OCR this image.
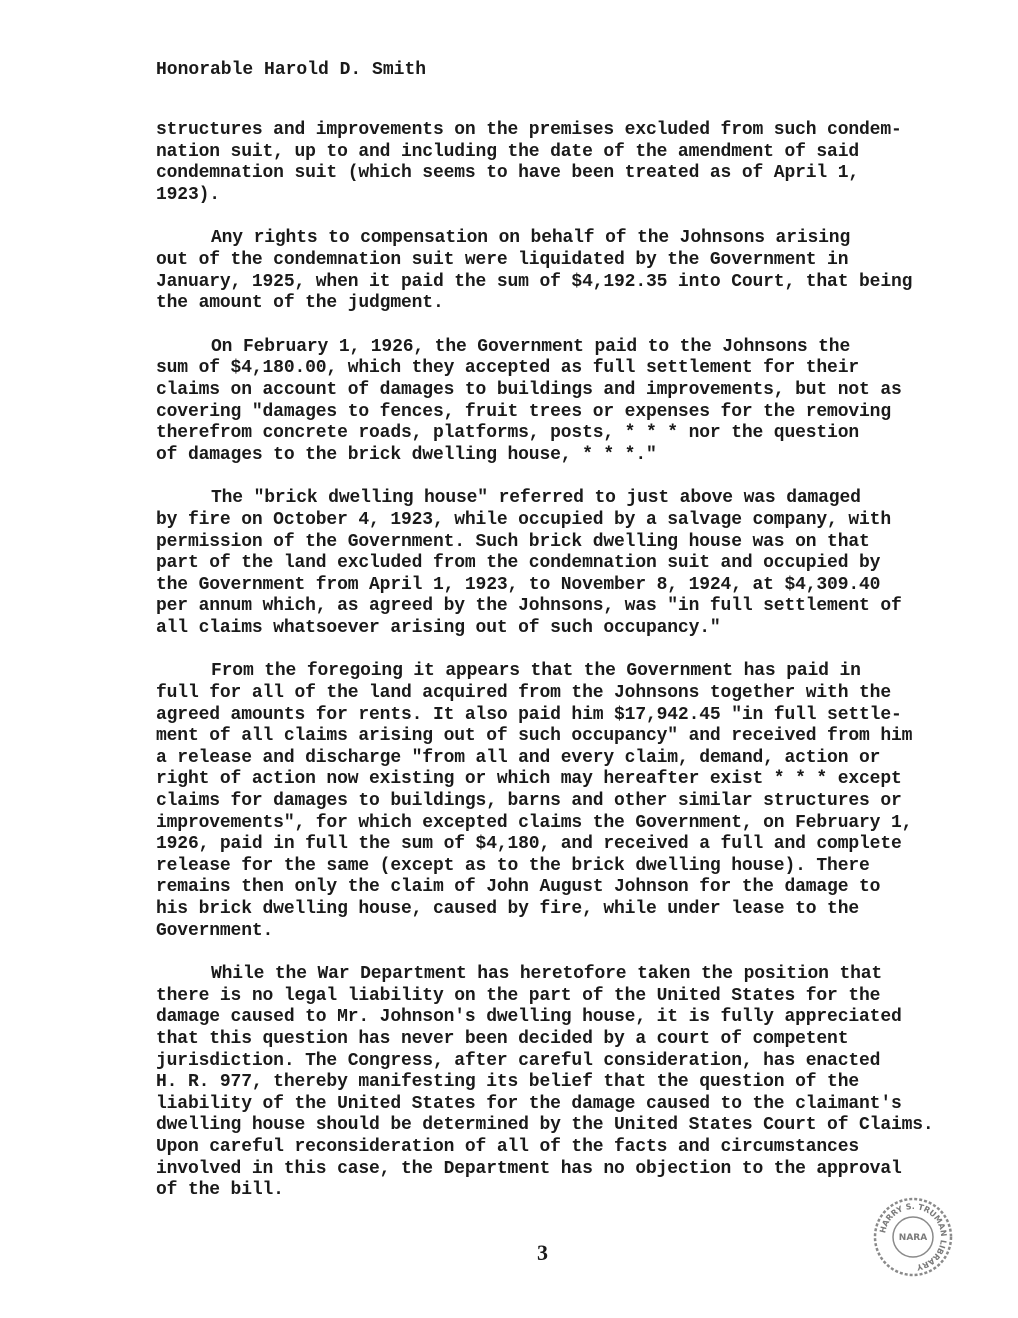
Honorable Harold D. Smith
structures and improvements on the premises excluded from such condem-
nation suit, up to and including the date of the amendment of said
condemnation suit (which seems to have been treated as of April 1,
1923).
Any rights to compensation on behalf of the Johnsons arising
out of the condemnation suit were liquidated by the Government in
January, 1925, when it paid the sum of $4,192.35 into Court, that being
the amount of the judgment.
On February 1, 1926, the Government paid to the Johnsons the
sum of $4,180.00, which they accepted as full settlement for their
claims on account of damages to buildings and improvements, but not as
covering "damages to fences, fruit trees or expenses for the removing
therefrom concrete roads, platforms, posts, * * * nor the question
of damages to the brick dwelling house, * * *."
The "brick dwelling house" referred to just above was damaged
by fire on October 4, 1923, while occupied by a salvage company, with
permission of the Government. Such brick dwelling house was on that
part of the land excluded from the condemnation suit and occupied by
the Government from April 1, 1923, to November 8, 1924, at $4,309.40
per annum which, as agreed by the Johnsons, was "in full settlement of
all claims whatsoever arising out of such occupancy."
From the foregoing it appears that the Government has paid in
full for all of the land acquired from the Johnsons together with the
agreed amounts for rents. It also paid him $17,942.45 "in full settle-
ment of all claims arising out of such occupancy" and received from him
a release and discharge "from all and every claim, demand, action or
right of action now existing or which may hereafter exist * * * except
claims for damages to buildings, barns and other similar structures or
improvements", for which excepted claims the Government, on February 1,
1926, paid in full the sum of $4,180, and received a full and complete
release for the same (except as to the brick dwelling house). There
remains then only the claim of John August Johnson for the damage to
his brick dwelling house, caused by fire, while under lease to the
Government.
While the War Department has heretofore taken the position that
there is no legal liability on the part of the United States for the
damage caused to Mr. Johnson's dwelling house, it is fully appreciated
that this question has never been decided by a court of competent
jurisdiction. The Congress, after careful consideration, has enacted
H. R. 977, thereby manifesting its belief that the question of the
liability of the United States for the damage caused to the claimant's
dwelling house should be determined by the United States Court of Claims.
Upon careful reconsideration of all of the facts and circumstances
involved in this case, the Department has no objection to the approval
of the bill.
3
HARRY S. TRUMAN LIBRARY
NARA
